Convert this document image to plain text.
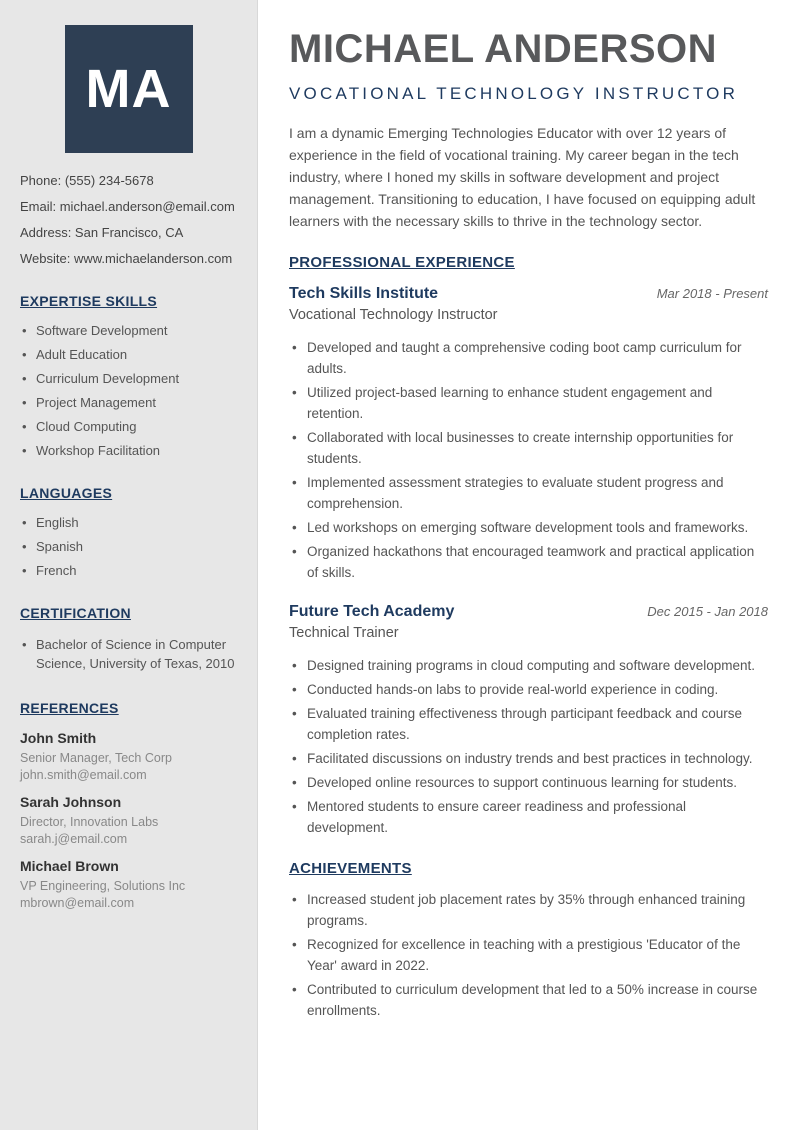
MA
Phone: (555) 234-5678
Email: michael.anderson@email.com
Address: San Francisco, CA
Website: www.michaelanderson.com
EXPERTISE SKILLS
• Software Development
• Adult Education
• Curriculum Development
• Project Management
• Cloud Computing
• Workshop Facilitation
LANGUAGES
• English
• Spanish
• French
CERTIFICATION
• Bachelor of Science in Computer Science, University of Texas, 2010
REFERENCES
John Smith
Senior Manager, Tech Corp
john.smith@email.com
Sarah Johnson
Director, Innovation Labs
sarah.j@email.com
Michael Brown
VP Engineering, Solutions Inc
mbrown@email.com
MICHAEL ANDERSON
VOCATIONAL TECHNOLOGY INSTRUCTOR

I am a dynamic Emerging Technologies Educator with over 12 years of experience in the field of vocational training. My career began in the tech industry, where I honed my skills in software development and project management. Transitioning to education, I have focused on equipping adult learners with the necessary skills to thrive in the technology sector.

PROFESSIONAL EXPERIENCE
Tech Skills Institute	Mar 2018 - Present
Vocational Technology Instructor
• Developed and taught a comprehensive coding boot camp curriculum for adults.
• Utilized project-based learning to enhance student engagement and retention.
• Collaborated with local businesses to create internship opportunities for students.
• Implemented assessment strategies to evaluate student progress and comprehension.
• Led workshops on emerging software development tools and frameworks.
• Organized hackathons that encouraged teamwork and practical application of skills.
Future Tech Academy	Dec 2015 - Jan 2018
Technical Trainer
• Designed training programs in cloud computing and software development.
• Conducted hands-on labs to provide real-world experience in coding.
• Evaluated training effectiveness through participant feedback and course completion rates.
• Facilitated discussions on industry trends and best practices in technology.
• Developed online resources to support continuous learning for students.
• Mentored students to ensure career readiness and professional development.
ACHIEVEMENTS
• Increased student job placement rates by 35% through enhanced training programs.
• Recognized for excellence in teaching with a prestigious 'Educator of the Year' award in 2022.
• Contributed to curriculum development that led to a 50% increase in course enrollments.
